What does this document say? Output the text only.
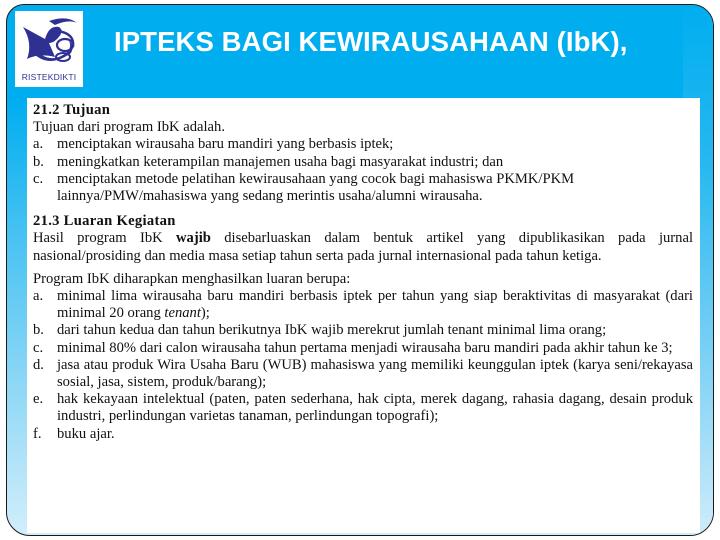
RISTEKDIKTI
IPTEKS BAGI KEWIRAUSAHAAN (IbK),
21.2 Tujuan
Tujuan dari program IbK adalah.
a. menciptakan wirausaha baru mandiri yang berbasis iptek;
b. meningkatkan keterampilan manajemen usaha bagi masyarakat industri; dan
c. menciptakan metode pelatihan kewirausahaan yang cocok bagi mahasiswa PKMK/PKM lainnya/PMW/mahasiswa yang sedang merintis usaha/alumni wirausaha.
21.3 Luaran Kegiatan
Hasil program IbK wajib disebarluaskan dalam bentuk artikel yang dipublikasikan pada jurnal nasional/prosiding dan media masa setiap tahun serta pada jurnal internasional pada tahun ketiga.
Program IbK diharapkan menghasilkan luaran berupa:
a. minimal lima wirausaha baru mandiri berbasis iptek per tahun yang siap beraktivitas di masyarakat (dari minimal 20 orang tenant);
b. dari tahun kedua dan tahun berikutnya IbK wajib merekrut jumlah tenant minimal lima orang;
c. minimal 80% dari calon wirausaha tahun pertama menjadi wirausaha baru mandiri pada akhir tahun ke 3;
d. jasa atau produk Wira Usaha Baru (WUB) mahasiswa yang memiliki keunggulan iptek (karya seni/rekayasa sosial, jasa, sistem, produk/barang);
e. hak kekayaan intelektual (paten, paten sederhana, hak cipta, merek dagang, rahasia dagang, desain produk industri, perlindungan varietas tanaman, perlindungan topografi);
f.	buku ajar.
